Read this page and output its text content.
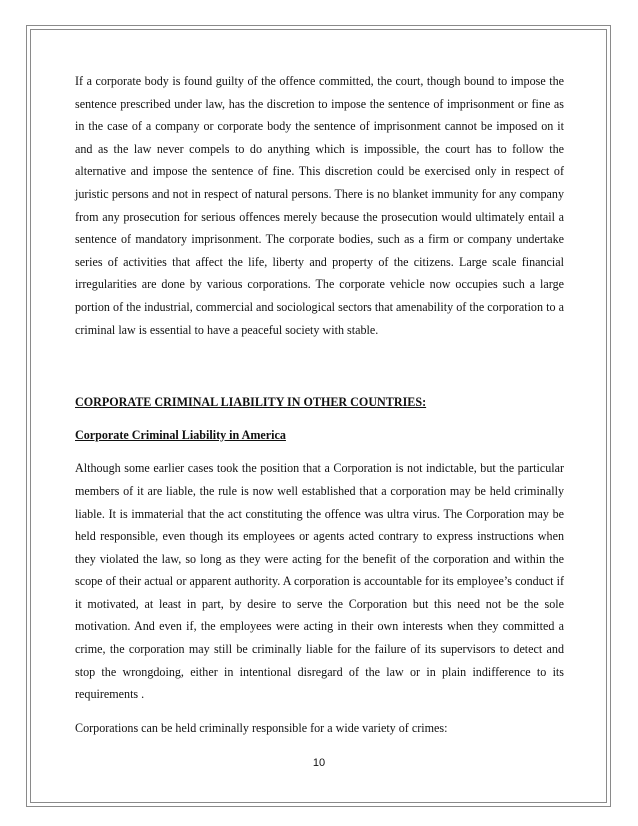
If a corporate body is found guilty of the offence committed, the court, though bound to impose the sentence prescribed under law, has the discretion to impose the sentence of imprisonment or fine as in the case of a company or corporate body the sentence of imprisonment cannot be imposed on it and as the law never compels to do anything which is impossible, the court has to follow the alternative and impose the sentence of fine. This discretion could be exercised only in respect of juristic persons and not in respect of natural persons. There is no blanket immunity for any company from any prosecution for serious offences merely because the prosecution would ultimately entail a sentence of mandatory imprisonment. The corporate bodies, such as a firm or company undertake series of activities that affect the life, liberty and property of the citizens. Large scale financial irregularities are done by various corporations. The corporate vehicle now occupies such a large portion of the industrial, commercial and sociological sectors that amenability of the corporation to a criminal law is essential to have a peaceful society with stable.

CORPORATE CRIMINAL LIABILITY IN OTHER COUNTRIES:

Corporate Criminal Liability in America

Although some earlier cases took the position that a Corporation is not indictable, but the particular members of it are liable, the rule is now well established that a corporation may be held criminally liable. It is immaterial that the act constituting the offence was ultra virus. The Corporation may be held responsible, even though its employees or agents acted contrary to express instructions when they violated the law, so long as they were acting for the benefit of the corporation and within the scope of their actual or apparent authority. A corporation is accountable for its employee’s conduct if it motivated, at least in part, by desire to serve the Corporation but this need not be the sole motivation. And even if, the employees were acting in their own interests when they committed a crime, the corporation may still be criminally liable for the failure of its supervisors to detect and stop the wrongdoing, either in intentional disregard of the law or in plain indifference to its requirements .

Corporations can be held criminally responsible for a wide variety of crimes:

10
